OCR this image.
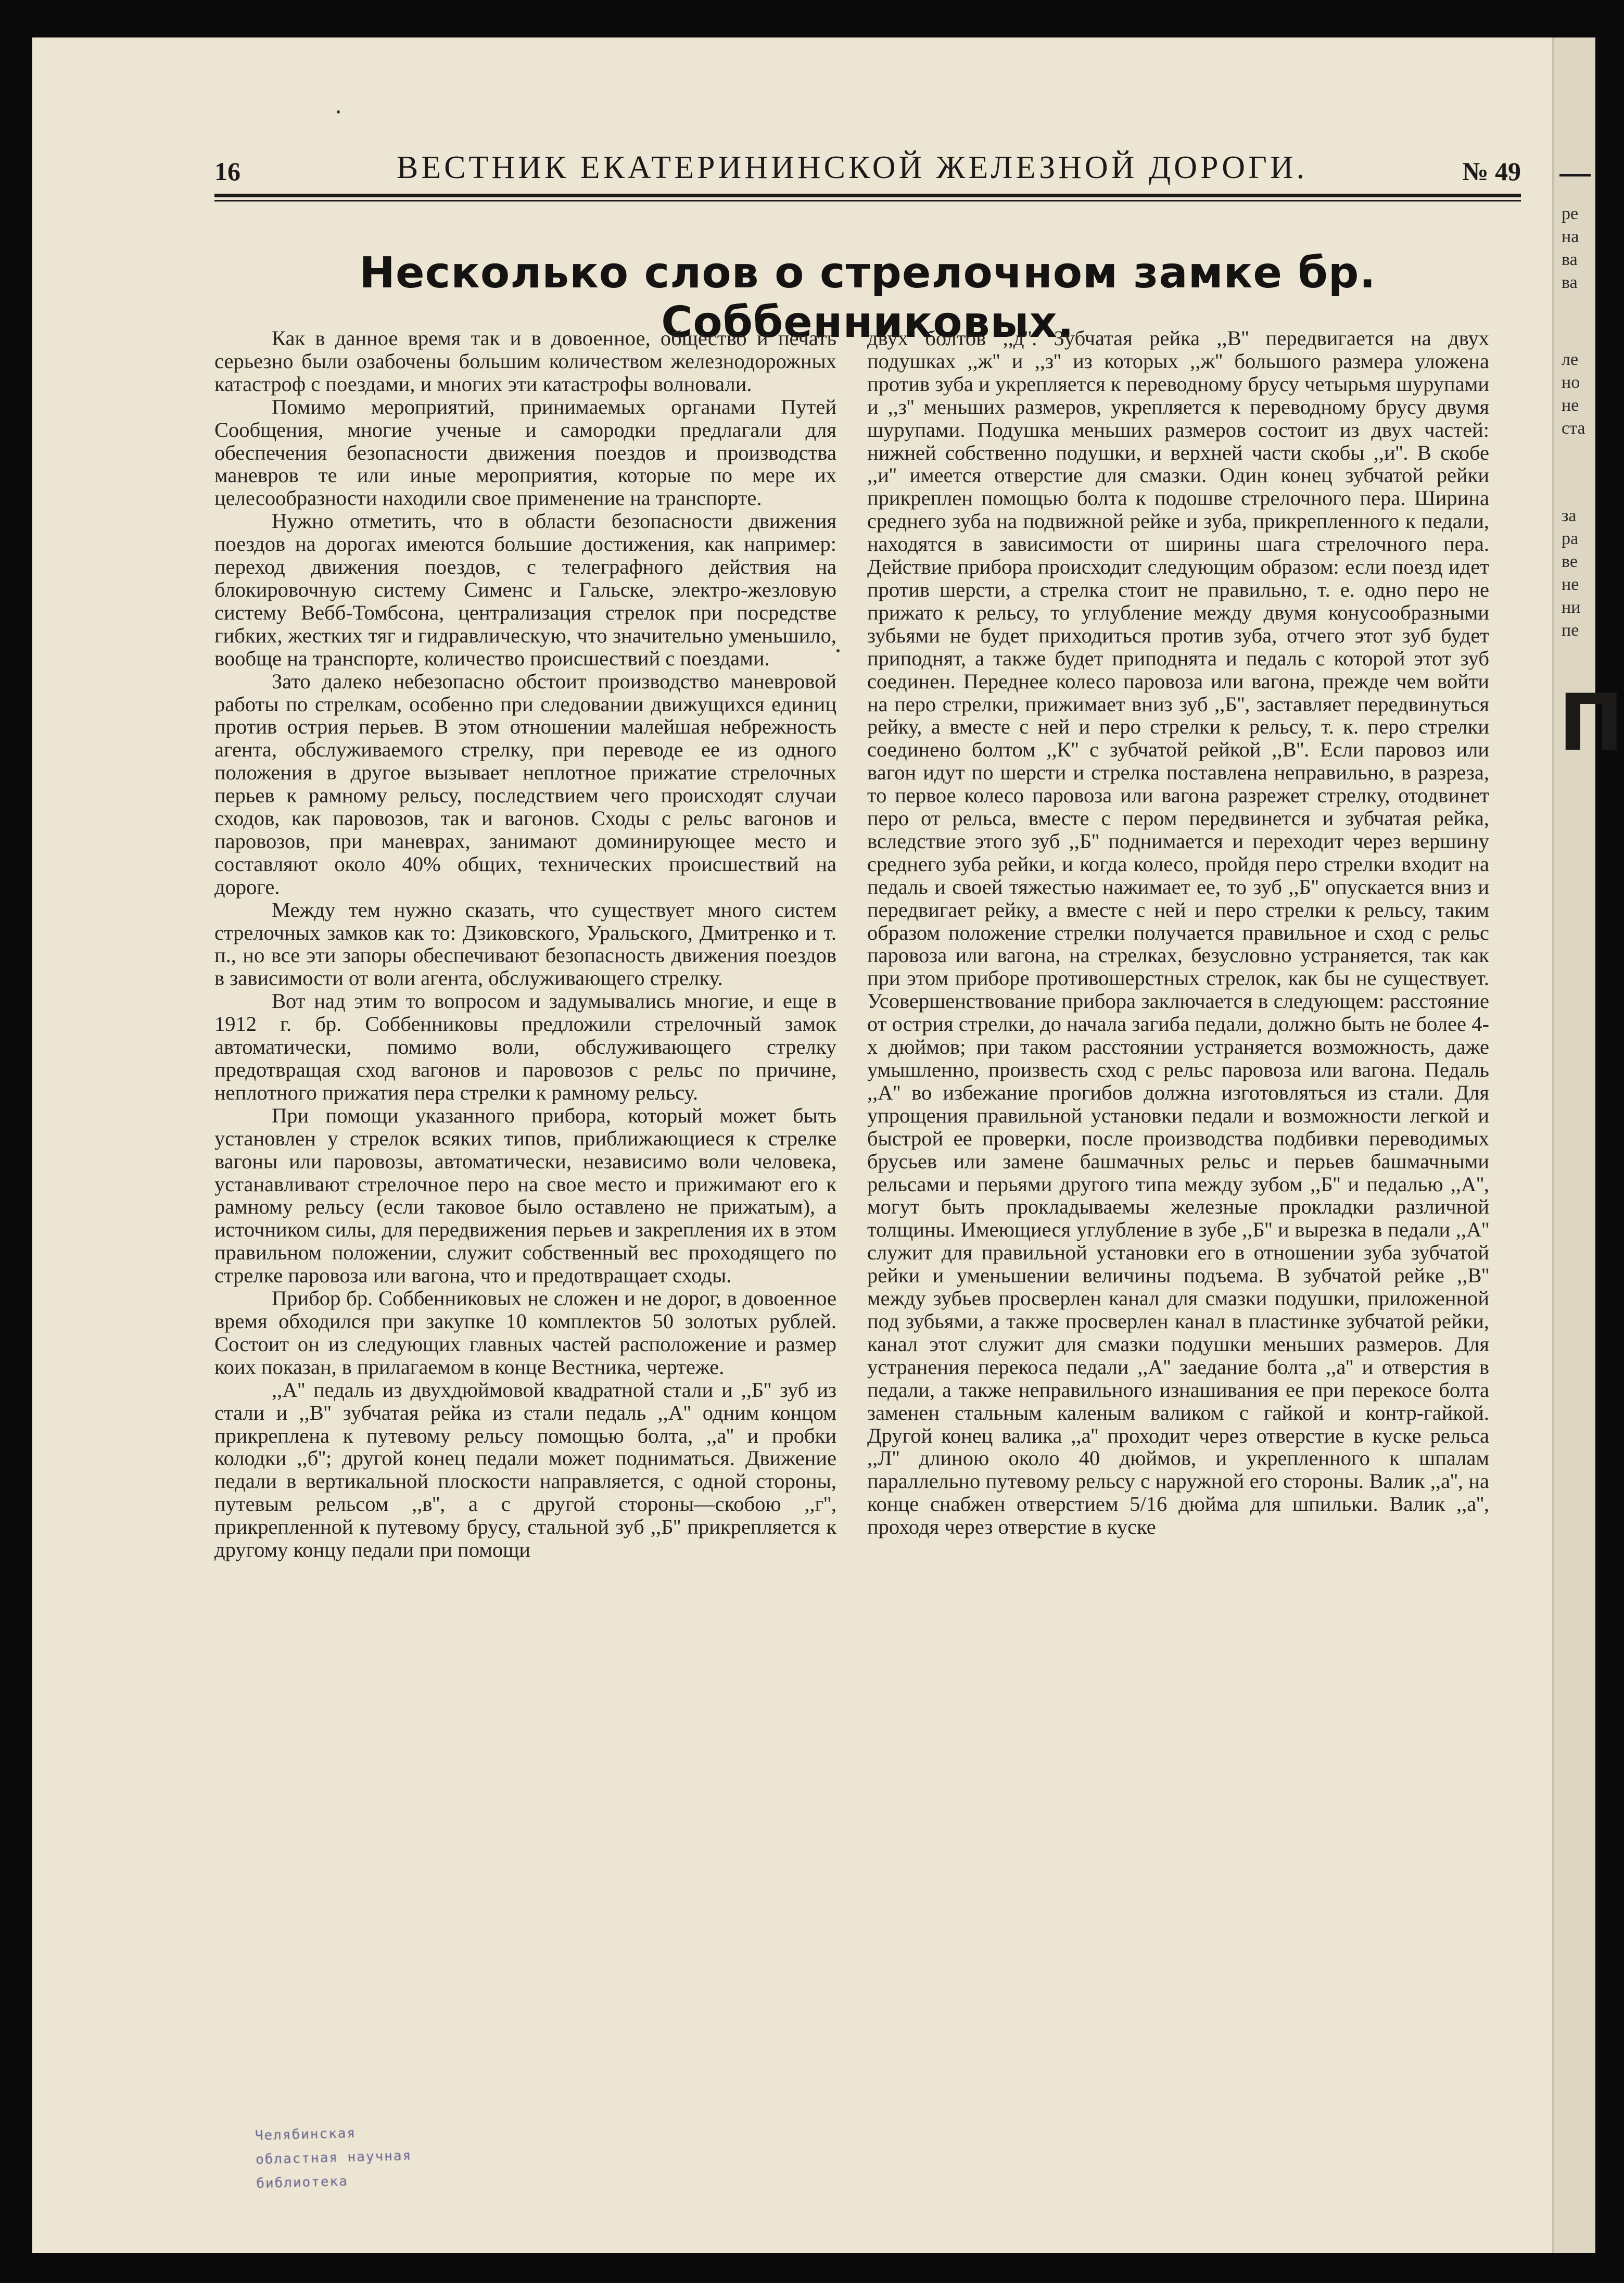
16	ВЕСТНИК ЕКАТЕРИНИНСКОЙ ЖЕЛЕЗНОЙ ДОРОГИ.	№ 49
Несколько слов о стрелочном замке бр. Соббенниковых.

Как в данное время так и в довоенное, общество и печать серьезно были озабочены большим количеством железнодорожных катастроф с поездами, и многих эти катастрофы волновали.

Помимо мероприятий, принимаемых органами Путей Сообщения, многие ученые и самородки предлагали для обеспечения безопасности движения поездов и производства маневров те или иные мероприятия, которые по мере их целесообразности находили свое применение на транспорте.

Нужно отметить, что в области безопасности движения поездов на дорогах имеются большие достижения, как например: переход движения поездов, с телеграфного действия на блокировочную систему Сименс и Гальске, электро-жезловую систему Вебб-Томбсона, централизация стрелок при посредстве гибких, жестких тяг и гидравлическую, что значительно уменьшило, вообще на транспорте, количество происшествий с поездами.

Зато далеко небезопасно обстоит производство маневровой работы по стрелкам, особенно при следовании движущихся единиц против острия перьев. В этом отношении малейшая небрежность агента, обслуживаемого стрелку, при переводе ее из одного положения в другое вызывает неплотное прижатие стрелочных перьев к рамному рельсу, последствием чего происходят случаи сходов, как паровозов, так и вагонов. Сходы с рельс вагонов и паровозов, при маневрах, занимают доминирующее место и составляют около 40% общих, технических происшествий на дороге.

Между тем нужно сказать, что существует много систем стрелочных замков как то: Дзиковского, Уральского, Дмитренко и т. п., но все эти запоры обеспечивают безопасность движения поездов в зависимости от воли агента, обслуживающего стрелку.

Вот над этим то вопросом и задумывались многие, и еще в 1912 г. бр. Соббенниковы предложили стрелочный замок автоматически, помимо воли, обслуживающего стрелку предотвращая сход вагонов и паровозов с рельс по причине, неплотного прижатия пера стрелки к рамному рельсу.

При помощи указанного прибора, который может быть установлен у стрелок всяких типов, приближающиеся к стрелке вагоны или паровозы, автоматически, независимо воли человека, устанавливают стрелочное перо на свое место и прижимают его к рамному рельсу (если таковое было оставлено не прижатым), а источником силы, для передвижения перьев и закрепления их в этом правильном положении, служит собственный вес проходящего по стрелке паровоза или вагона, что и предотвращает сходы.

Прибор бр. Соббенниковых не сложен и не дорог, в довоенное время обходился при закупке 10 комплектов 50 золотых рублей. Состоит он из следующих главных частей расположение и размер коих показан, в прилагаемом в конце Вестника, чертеже.

,,А'' педаль из двухдюймовой квадратной стали и ,,Б'' зуб из стали и ,,В'' зубчатая рейка из стали педаль ,,А'' одним концом прикреплена к путевому рельсу помощью болта, ,,а'' и пробки колодки ,,б''; другой конец педали может подниматься. Движение педали в вертикальной плоскости направляется, с одной стороны, путевым рельсом ,,в'', а с другой стороны—скобою ,,г'', прикрепленной к путевому брусу, стальной зуб ,,Б'' прикрепляется к другому концу педали при помощи

двух болтов ,,д''. Зубчатая рейка ,,В'' передвигается на двух подушках ,,ж'' и ,,з'' из которых ,,ж'' большого размера уложена против зуба и укрепляется к переводному брусу четырьмя шурупами и ,,з'' меньших размеров, укрепляется к переводному брусу двумя шурупами. Подушка меньших размеров состоит из двух частей: нижней собственно подушки, и верхней части скобы ,,и''. В скобе ,,и'' имеется отверстие для смазки. Один конец зубчатой рейки прикреплен помощью болта к подошве стрелочного пера. Ширина среднего зуба на подвижной рейке и зуба, прикрепленного к педали, находятся в зависимости от ширины шага стрелочного пера. Действие прибора происходит следующим образом: если поезд идет против шерсти, а стрелка стоит не правильно, т. е. одно перо не прижато к рельсу, то углубление между двумя конусообразными зубьями не будет приходиться против зуба, отчего этот зуб будет приподнят, а также будет приподнята и педаль с которой этот зуб соединен. Переднее колесо паровоза или вагона, прежде чем войти на перо стрелки, прижимает вниз зуб ,,Б'', заставляет передвинуться рейку, а вместе с ней и перо стрелки к рельсу, т. к. перо стрелки соединено болтом ,,К'' с зубчатой рейкой ,,В''. Если паровоз или вагон идут по шерсти и стрелка поставлена неправильно, в разреза, то первое колесо паровоза или вагона разрежет стрелку, отодвинет перо от рельса, вместе с пером передвинется и зубчатая рейка, вследствие этого зуб ,,Б'' поднимается и переходит через вершину среднего зуба рейки, и когда колесо, пройдя перо стрелки входит на педаль и своей тяжестью нажимает ее, то зуб ,,Б'' опускается вниз и передвигает рейку, а вместе с ней и перо стрелки к рельсу, таким образом положение стрелки получается правильное и сход с рельс паровоза или вагона, на стрелках, безусловно устраняется, так как при этом приборе противошерстных стрелок, как бы не существует. Усовершенствование прибора заключается в следующем: расстояние от острия стрелки, до начала загиба педали, должно быть не более 4-х дюймов; при таком расстоянии устраняется возможность, даже умышленно, произвесть сход с рельс паровоза или вагона. Педаль ,,А'' во избежание прогибов должна изготовляться из стали. Для упрощения правильной установки педали и возможности легкой и быстрой ее проверки, после производства подбивки переводимых брусьев или замене башмачных рельс и перьев башмачными рельсами и перьями другого типа между зубом ,,Б'' и педалью ,,А'', могут быть прокладываемы железные прокладки различной толщины. Имеющиеся углубление в зубе ,,Б'' и вырезка в педали ,,А'' служит для правильной установки его в отношении зуба зубчатой рейки и уменьшении величины подъема. В зубчатой рейке ,,В'' между зубьев просверлен канал для смазки подушки, приложенной под зубьями, а также просверлен канал в пластинке зубчатой рейки, канал этот служит для смазки подушки меньших размеров. Для устранения перекоса педали ,,А'' заедание болта ,,а'' и отверстия в педали, а также неправильного изнашивания ее при перекосе болта заменен стальным каленым валиком с гайкой и контр-гайкой. Другой конец валика ,,а'' проходит через отверстие в куске рельса ,,Л'' длиною около 40 дюймов, и укрепленного к шпалам параллельно путевому рельсу с наружной его стороны. Валик ,,а'', на конце снабжен отверстием 5/16 дюйма для шпильки. Валик ,,а'', проходя через отверстие в куске

Челябинская
областная научная
библиотека
ре
на
ва
ва
ле
но
не
ста
за
ра
ве
не
ни
пе
П
